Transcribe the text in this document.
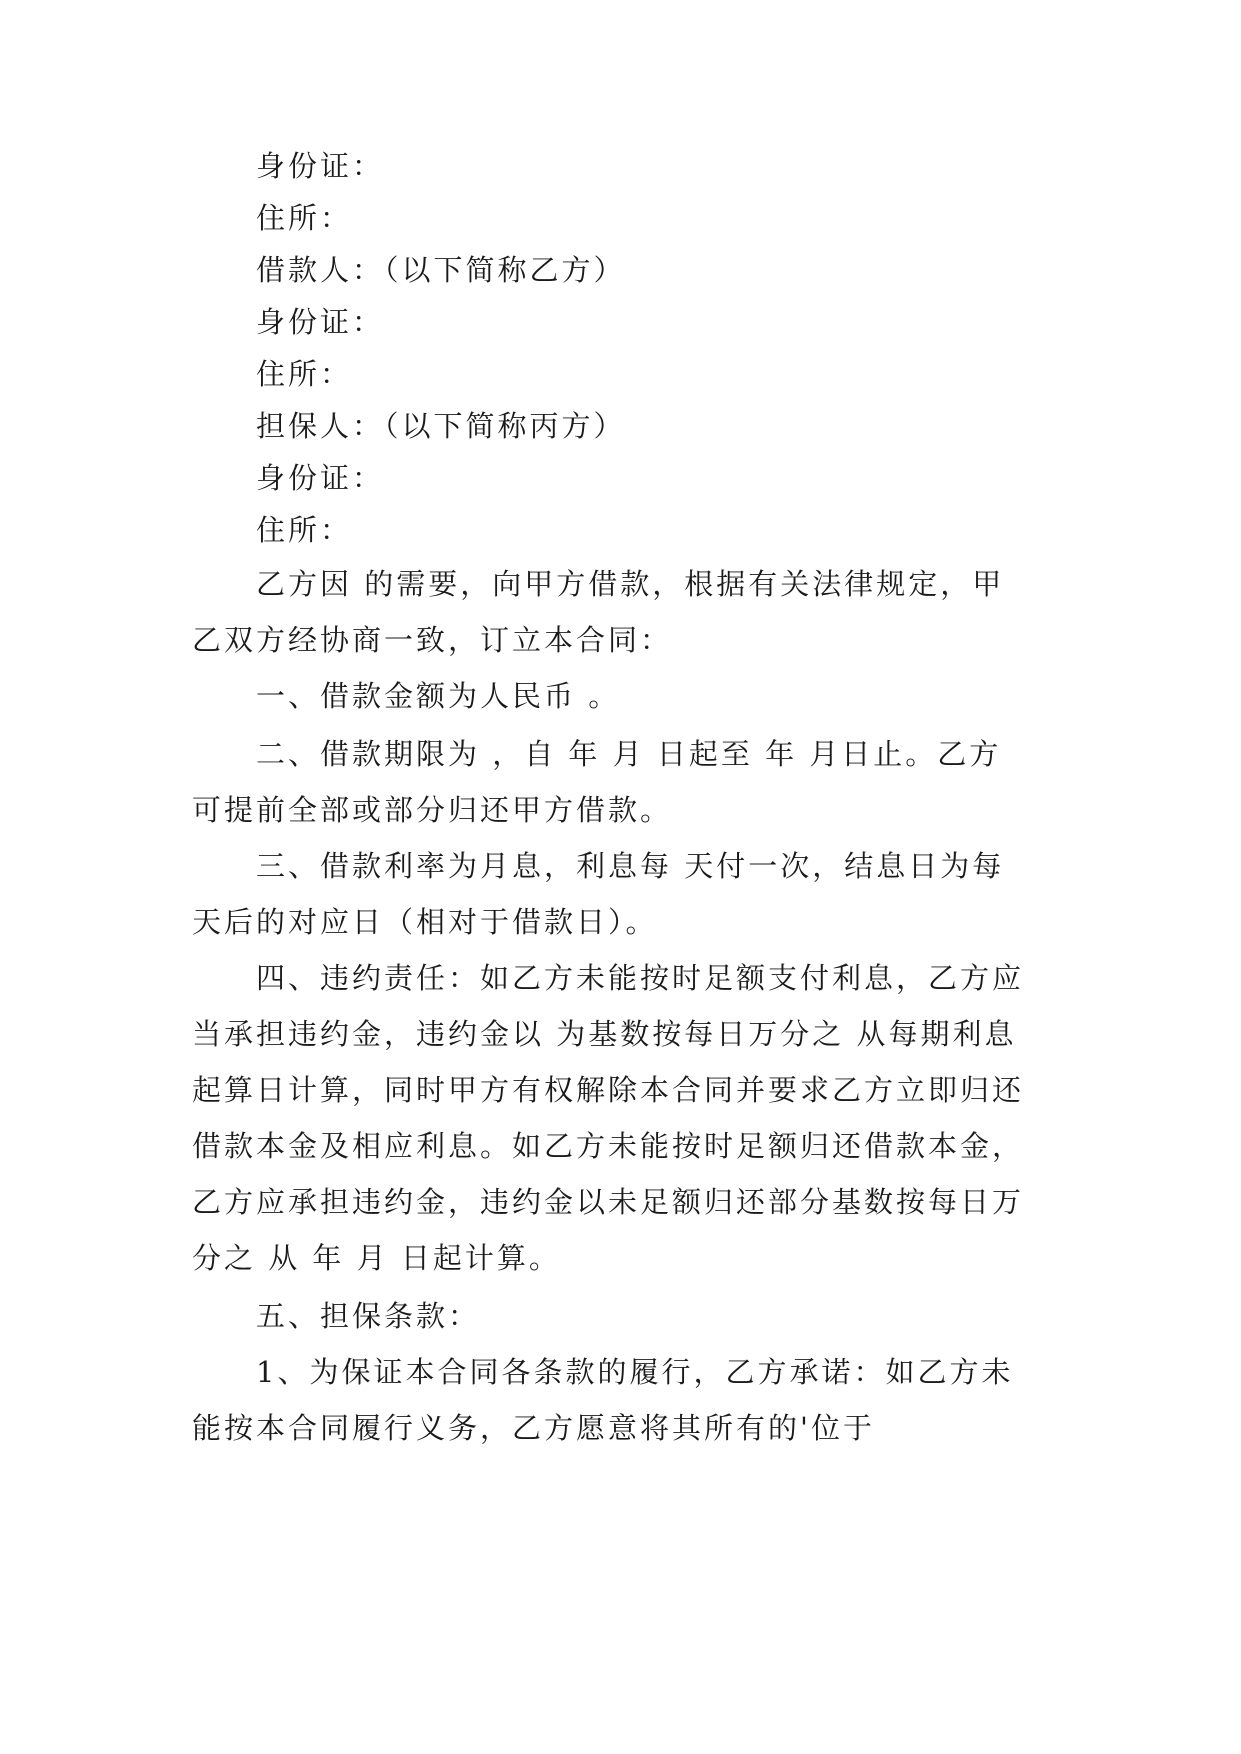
身份证：
住所：
借款人：（以下简称乙方）
身份证：
住所：
担保人：（以下简称丙方）
身份证：
住所：
乙方因 的需要，向甲方借款，根据有关法律规定，甲
乙双方经协商一致，订立本合同：
一、借款金额为人民币 。
二、借款期限为 ，自 年 月 日起至 年 月日止。乙方
可提前全部或部分归还甲方借款。
三、借款利率为月息，利息每 天付一次，结息日为每
天后的对应日（相对于借款日）。
四、违约责任：如乙方未能按时足额支付利息，乙方应
当承担违约金，违约金以 为基数按每日万分之 从每期利息
起算日计算，同时甲方有权解除本合同并要求乙方立即归还
借款本金及相应利息。如乙方未能按时足额归还借款本金，
乙方应承担违约金，违约金以未足额归还部分基数按每日万
分之 从 年 月 日起计算。
五、担保条款：
1、为保证本合同各条款的履行，乙方承诺：如乙方未
能按本合同履行义务，乙方愿意将其所有的'位于
